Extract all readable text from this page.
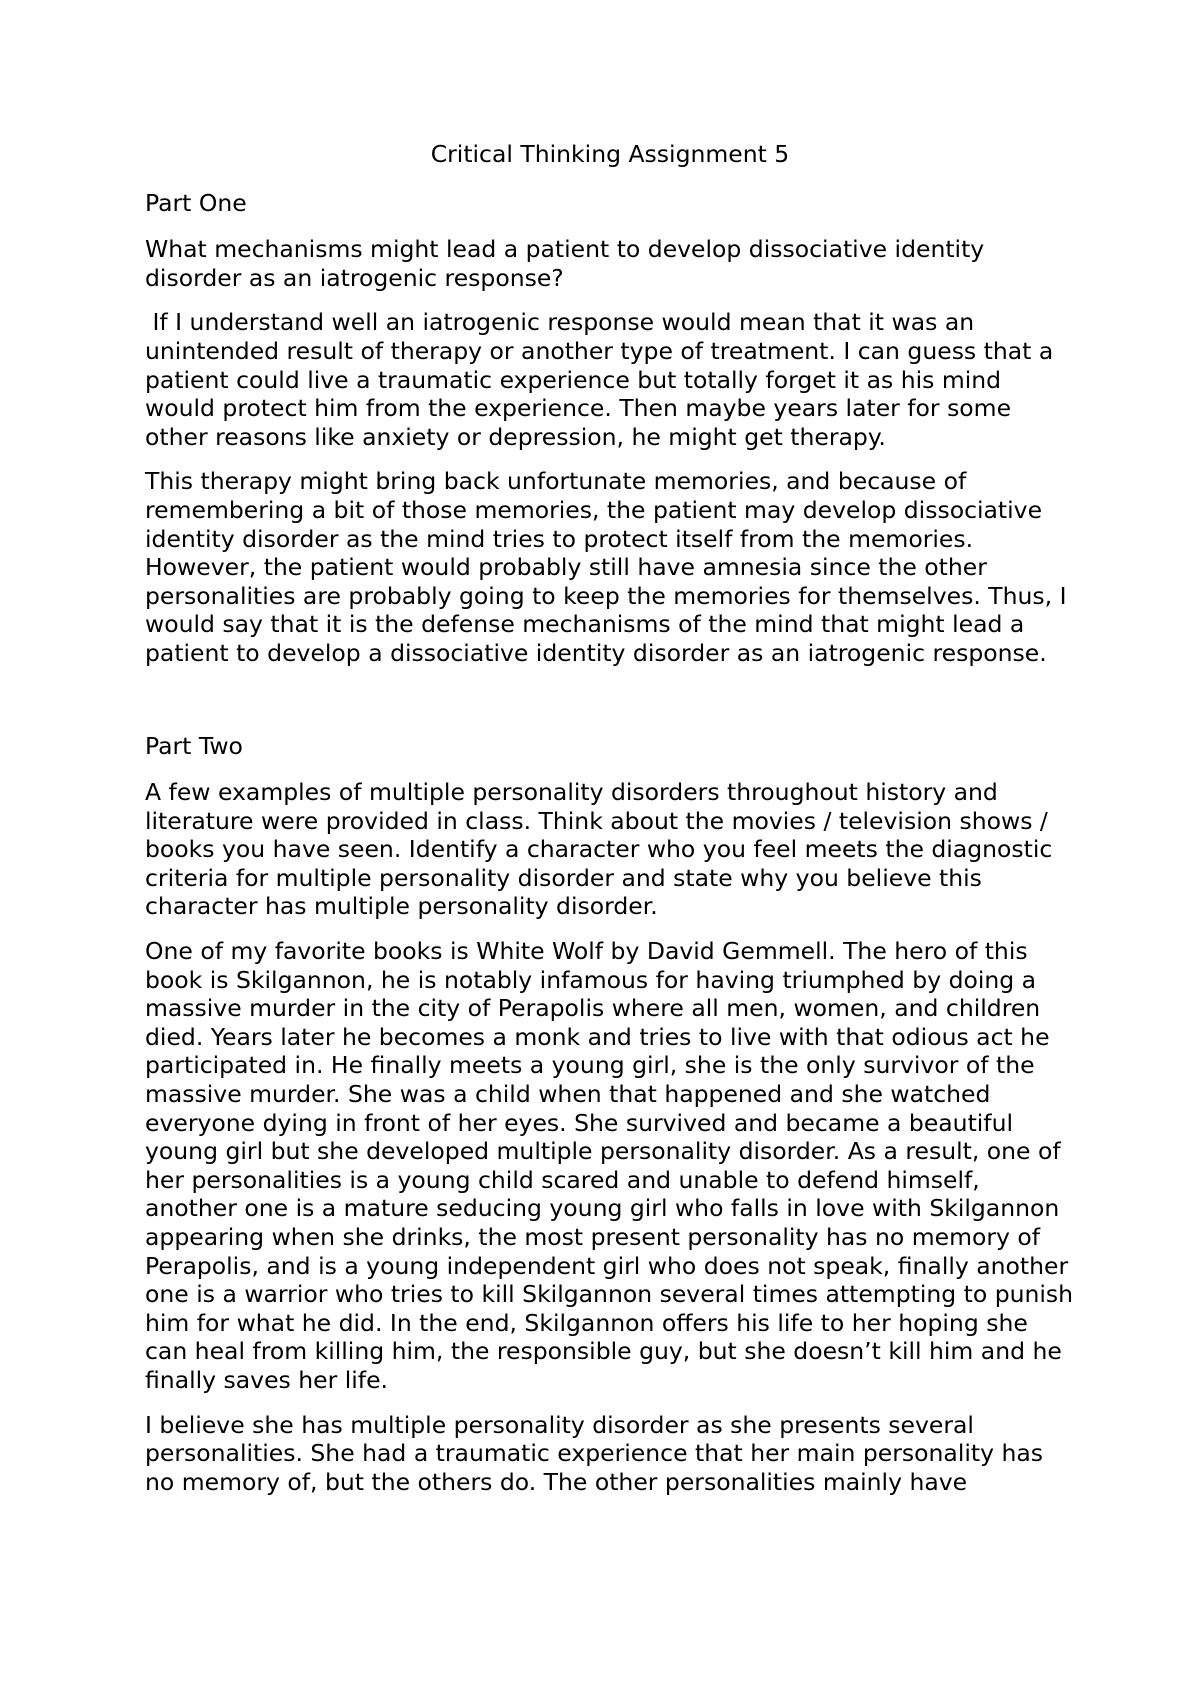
Critical Thinking Assignment 5
Part One

What mechanisms might lead a patient to develop dissociative identity disorder as an iatrogenic response?

If I understand well an iatrogenic response would mean that it was an unintended result of therapy or another type of treatment. I can guess that a patient could live a traumatic experience but totally forget it as his mind would protect him from the experience. Then maybe years later for some other reasons like anxiety or depression, he might get therapy.

This therapy might bring back unfortunate memories, and because of remembering a bit of those memories, the patient may develop dissociative identity disorder as the mind tries to protect itself from the memories. However, the patient would probably still have amnesia since the other personalities are probably going to keep the memories for themselves. Thus, I would say that it is the defense mechanisms of the mind that might lead a patient to develop a dissociative identity disorder as an iatrogenic response.

Part Two

A few examples of multiple personality disorders throughout history and literature were provided in class. Think about the movies / television shows / books you have seen. Identify a character who you feel meets the diagnostic criteria for multiple personality disorder and state why you believe this character has multiple personality disorder.

One of my favorite books is White Wolf by David Gemmell. The hero of this book is Skilgannon, he is notably infamous for having triumphed by doing a massive murder in the city of Perapolis where all men, women, and children died. Years later he becomes a monk and tries to live with that odious act he participated in. He finally meets a young girl, she is the only survivor of the massive murder. She was a child when that happened and she watched everyone dying in front of her eyes. She survived and became a beautiful young girl but she developed multiple personality disorder. As a result, one of her personalities is a young child scared and unable to defend himself, another one is a mature seducing young girl who falls in love with Skilgannon appearing when she drinks, the most present personality has no memory of Perapolis, and is a young independent girl who does not speak, finally another one is a warrior who tries to kill Skilgannon several times attempting to punish him for what he did. In the end, Skilgannon offers his life to her hoping she can heal from killing him, the responsible guy, but she doesn’t kill him and he finally saves her life.

I believe she has multiple personality disorder as she presents several personalities. She had a traumatic experience that her main personality has no memory of, but the others do. The other personalities mainly have
